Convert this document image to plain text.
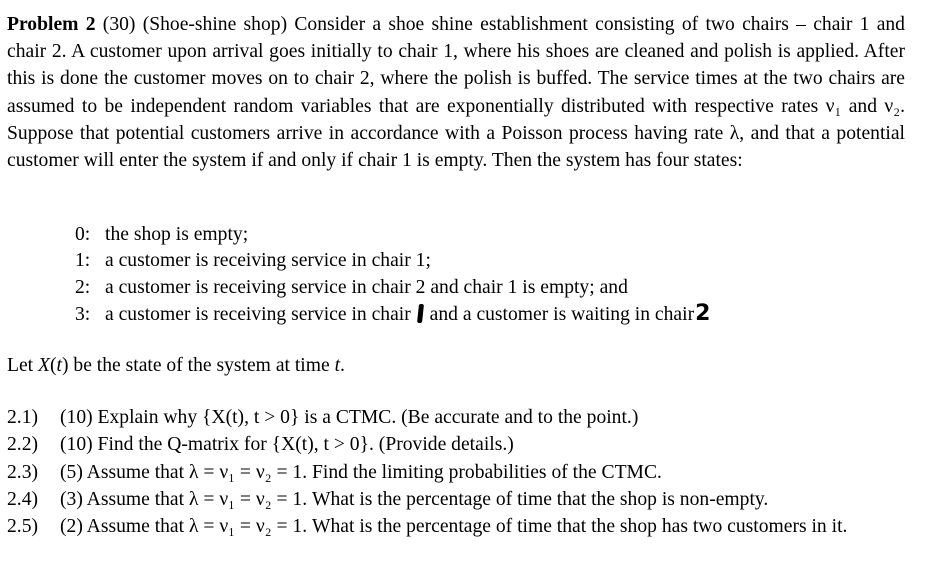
Problem 2 (30) (Shoe-shine shop) Consider a shoe shine establishment consisting of two chairs – chair 1 and chair 2. A customer upon arrival goes initially to chair 1, where his shoes are cleaned and polish is applied. After this is done the customer moves on to chair 2, where the polish is buffed. The service times at the two chairs are assumed to be independent random variables that are exponentially distributed with respective rates ν₁ and ν₂. Suppose that potential customers arrive in accordance with a Poisson process having rate λ, and that a potential customer will enter the system if and only if chair 1 is empty. Then the system has four states:

0: the shop is empty;
1: a customer is receiving service in chair 1;
2: a customer is receiving service in chair 2 and chair 1 is empty; and
3: a customer is receiving service in chair and a customer is waiting in chair2

Let X(t) be the state of the system at time t.

2.1)	(10) Explain why {X(t), t > 0} is a CTMC. (Be accurate and to the point.)
2.2)	(10) Find the Q-matrix for {X(t), t > 0}. (Provide details.)
2.3)	(5) Assume that λ = ν₁ = ν₂ = 1. Find the limiting probabilities of the CTMC.
2.4)	(3) Assume that λ = ν₁ = ν₂ = 1. What is the percentage of time that the shop is non-empty.
2.5)	(2) Assume that λ = ν₁ = ν₂ = 1. What is the percentage of time that the shop has two customers in it.
